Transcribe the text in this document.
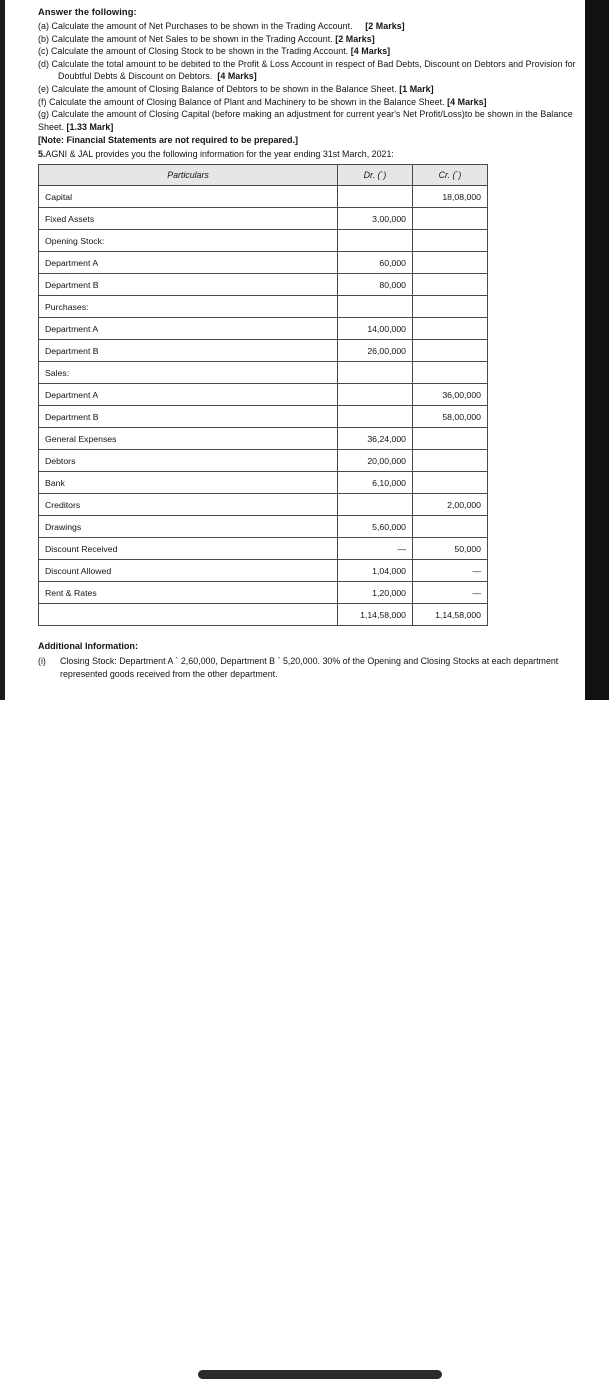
Answer the following:
(a) Calculate the amount of Net Purchases to be shown in the Trading Account. [2 Marks]
(b) Calculate the amount of Net Sales to be shown in the Trading Account. [2 Marks]
(c) Calculate the amount of Closing Stock to be shown in the Trading Account. [4 Marks]
(d) Calculate the total amount to be debited to the Profit & Loss Account in respect of Bad Debts, Discount on Debtors and Provision for
Doubtful Debts & Discount on Debtors. [4 Marks]
(e) Calculate the amount of Closing Balance of Debtors to be shown in the Balance Sheet. [1 Mark]
(f) Calculate the amount of Closing Balance of Plant and Machinery to be shown in the Balance Sheet. [4 Marks]
(g) Calculate the amount of Closing Capital (before making an adjustment for current year's Net Profit/Loss)to be shown in the Balance Sheet. [1.33 Mark]
[Note: Financial Statements are not required to be prepared.]
5.AGNI & JAL provides you the following information for the year ending 31st March, 2021:
Particulars	Dr. (`)	Cr. (`)
Capital		18,08,000
Fixed Assets	3,00,000	
Opening Stock:		
Department A	60,000	
Department B	80,000	
Purchases:		
Department A	14,00,000	
Department B	26,00,000	
Sales:		
Department A		36,00,000
Department B		58,00,000
General Expenses	36,24,000	
Debtors	20,00,000	
Bank	6,10,000	
Creditors		2,00,000
Drawings	5,60,000	
Discount Received	—	50,000
Discount Allowed	1,04,000	—
Rent & Rates	1,20,000	—
	1,14,58,000	1,14,58,000
Additional Information:
(i)	Closing Stock: Department A ` 2,60,000, Department B ` 5,20,000. 30% of the Opening and Closing Stocks at each department represented goods received from the other department.
